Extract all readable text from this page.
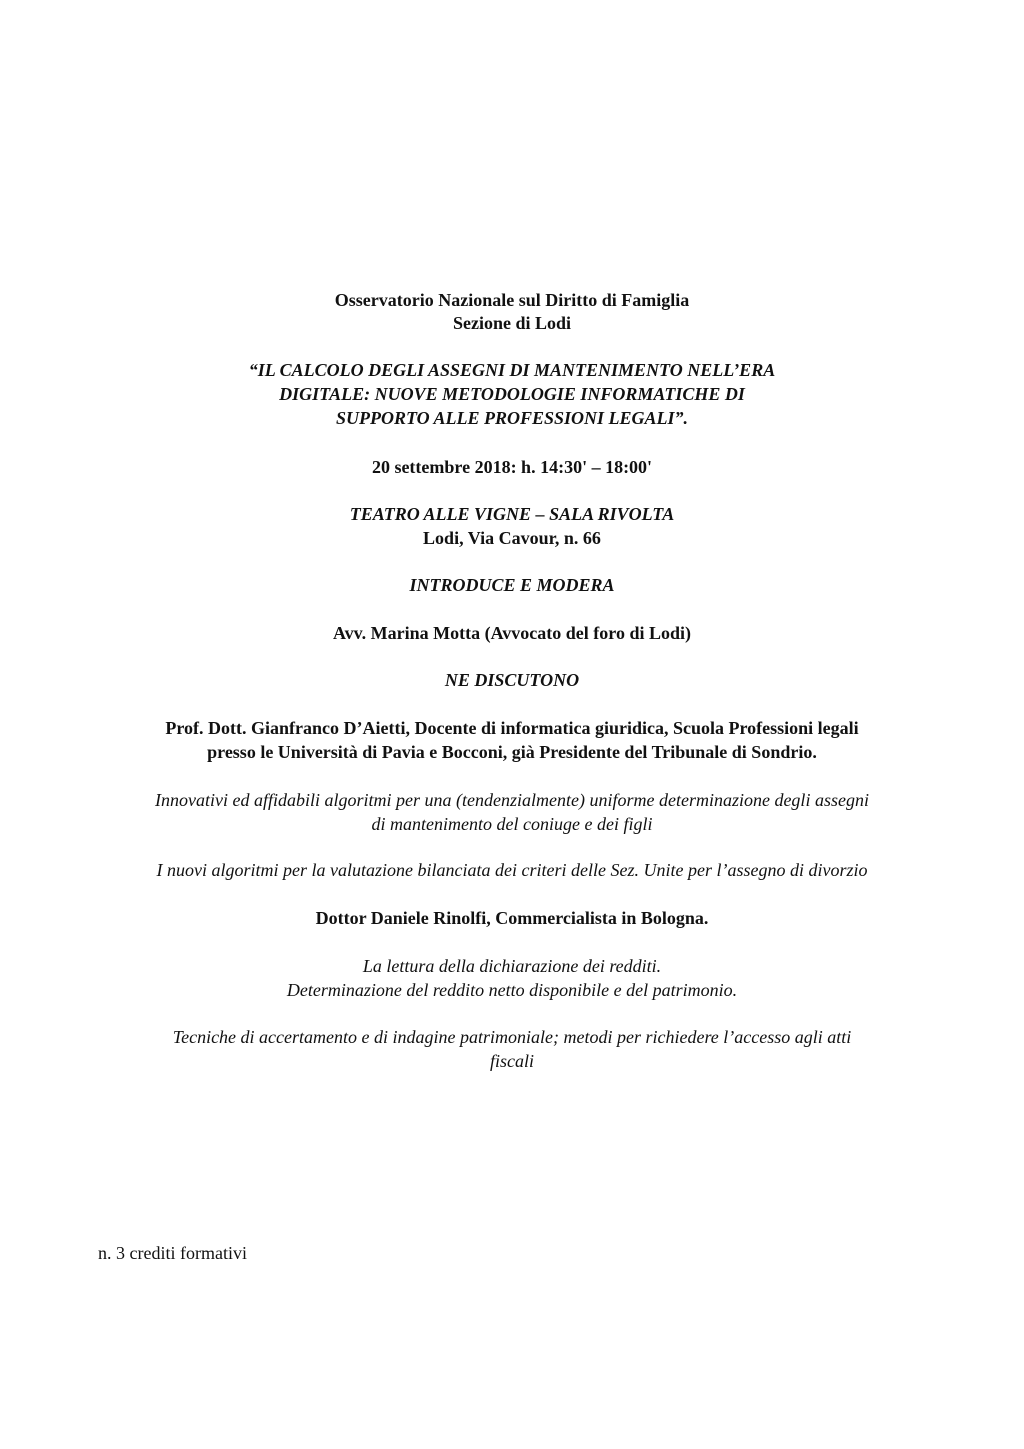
Osservatorio Nazionale sul Diritto di Famiglia
Sezione di Lodi
“IL CALCOLO DEGLI ASSEGNI DI MANTENIMENTO NELL’ERA
DIGITALE: NUOVE METODOLOGIE INFORMATICHE DI
SUPPORTO ALLE PROFESSIONI LEGALI”.
20 settembre 2018: h. 14:30' – 18:00'
TEATRO ALLE VIGNE – SALA RIVOLTA
Lodi, Via Cavour, n. 66
INTRODUCE E MODERA
Avv. Marina Motta (Avvocato del foro di Lodi)
NE DISCUTONO
Prof. Dott. Gianfranco D’Aietti, Docente di informatica giuridica, Scuola Professioni legali
presso le Università di Pavia e Bocconi, già Presidente del Tribunale di Sondrio.
Innovativi ed affidabili algoritmi per una (tendenzialmente) uniforme determinazione degli assegni
di mantenimento del coniuge e dei figli
I nuovi algoritmi per la valutazione bilanciata dei criteri delle Sez. Unite per l’assegno di divorzio
Dottor Daniele Rinolfi, Commercialista in Bologna.
La lettura della dichiarazione dei redditi.
Determinazione del reddito netto disponibile e del patrimonio.
Tecniche di accertamento e di indagine patrimoniale; metodi per richiedere l’accesso agli atti
fiscali
n. 3 crediti formativi
